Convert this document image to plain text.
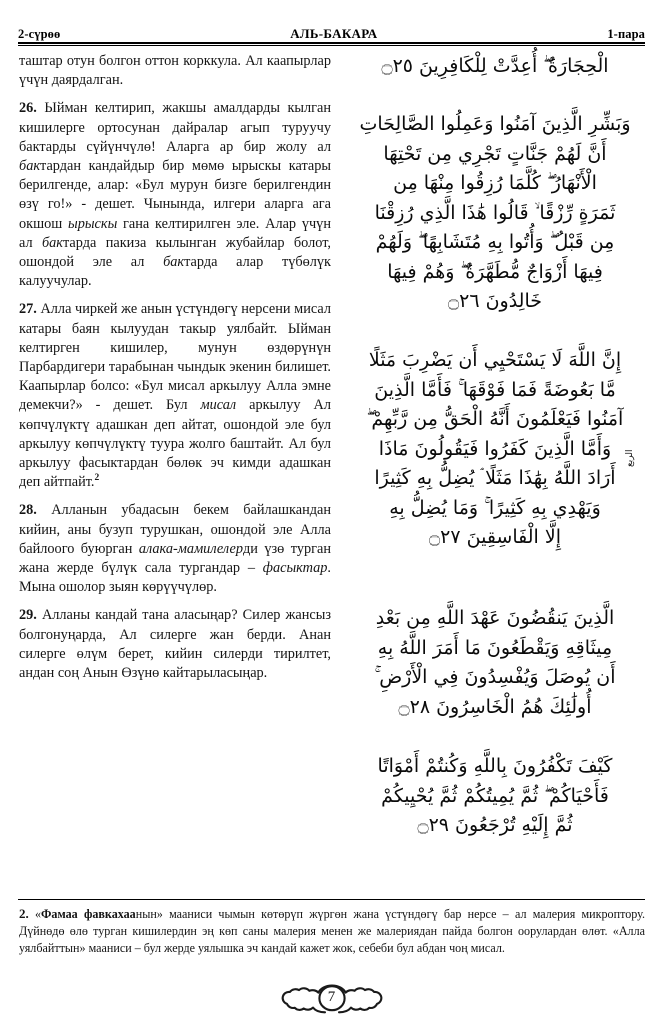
2-сүрөө	АЛЬ-БАКАРА	1-пара

таштар отун болгон оттон корккула. Ал каапырлар үчүн даярдалган.

26. Ыйман келтирип, жакшы амалдарды кылган кишилерге ортосунан дайралар агып туруучу бактарды сүйүнчүлө! Аларга ар бир жолу ал бактардан кандайдыр бир мөмө ырыскы катары берилгенде, алар: «Бул мурун бизге берилгендин өзү го!» - дешет. Чынында, илгери аларга ага окшош ырыскы гана келтирилген эле. Алар үчүн ал бактарда пакиза кылынган жубайлар болот, ошондой эле ал бактарда алар түбөлүк калуучулар.

27. Алла чиркей же анын үстүндөгү нерсени мисал катары баян кылуудан такыр уялбайт. Ыйман келтирген кишилер, мунун өздөрүнүн Парбардигери тарабынан чындык экенин билишет. Каапырлар болсо: «Бул мисал аркылуу Алла эмне демекчи?» - дешет. Бул мисал аркылуу Ал көпчүлүктү адашкан деп айтат, ошондой эле бул аркылуу көпчүлүктү туура жолго баштайт. Ал бул аркылуу фасыктардан бөлөк эч кимди адашкан деп айтпайт.$^2$

28. Алланын убадасын бекем байлашкандан кийин, аны бузуп турушкан, ошондой эле Алла байлоого буюрган алака-мамилелерди үзө турган жана жерде бүлүк сала тургандар – фасыктар. Мына ошолор зыян көрүүчүлөр.

29. Алланы кандай тана аласыңар? Силер жансыз болгонуңарда, Ал силерге жан берди. Анан силерге өлүм берет, кийин силерди тирилтет, андан соң Анын Өзүнө кайтарыласыңар.

الْحِجَارَةُ ۖ أُعِدَّتْ لِلْكَافِرِينَ ۝٢٥
وَبَشِّرِ الَّذِينَ آمَنُوا وَعَمِلُوا الصَّالِحَاتِ
أَنَّ لَهُمْ جَنَّاتٍ تَجْرِي مِن تَحْتِهَا
الْأَنْهَارُ ۖ كُلَّمَا رُزِقُوا مِنْهَا مِن
ثَمَرَةٍ رِّزْقًا ۙ قَالُوا هَٰذَا الَّذِي رُزِقْنَا
مِن قَبْلُ ۖ وَأُتُوا بِهِ مُتَشَابِهًا ۖ وَلَهُمْ
فِيهَا أَزْوَاجٌ مُّطَهَّرَةٌ ۖ وَهُمْ فِيهَا
خَالِدُونَ ۝٢٦
إِنَّ اللَّهَ لَا يَسْتَحْيِي أَن يَضْرِبَ مَثَلًا
مَّا بَعُوضَةً فَمَا فَوْقَهَا ۚ فَأَمَّا الَّذِينَ
آمَنُوا فَيَعْلَمُونَ أَنَّهُ الْحَقُّ مِن رَّبِّهِمْ ۖ
وَأَمَّا الَّذِينَ كَفَرُوا فَيَقُولُونَ مَاذَا
أَرَادَ اللَّهُ بِهَٰذَا مَثَلًا ۘ يُضِلُّ بِهِ كَثِيرًا
وَيَهْدِي بِهِ كَثِيرًا ۚ وَمَا يُضِلُّ بِهِ
إِلَّا الْفَاسِقِينَ ۝٢٧
الربع
الَّذِينَ يَنقُضُونَ عَهْدَ اللَّهِ مِن بَعْدِ
مِيثَاقِهِ وَيَقْطَعُونَ مَا أَمَرَ اللَّهُ بِهِ
أَن يُوصَلَ وَيُفْسِدُونَ فِي الْأَرْضِ ۚ
أُولَٰئِكَ هُمُ الْخَاسِرُونَ ۝٢٨
كَيْفَ تَكْفُرُونَ بِاللَّهِ وَكُنتُمْ أَمْوَاتًا
فَأَحْيَاكُمْ ۖ ثُمَّ يُمِيتُكُمْ ثُمَّ يُحْيِيكُمْ
ثُمَّ إِلَيْهِ تُرْجَعُونَ ۝٢٩
2. «Фамаа фавкахаанын» мааниси чымын көтөрүп жүргөн жана үстүндөгү бар нерсе – ал малерия микроптору. Дүйнөдө өлө турган кишилердин эң көп саны малерия менен же малериядан пайда болгон оорулардан өлөт. «Алла уялбайттын» мааниси – бул жерде уялышка эч кандай кажет жок, себеби бул абдан чоң мисал.
7
